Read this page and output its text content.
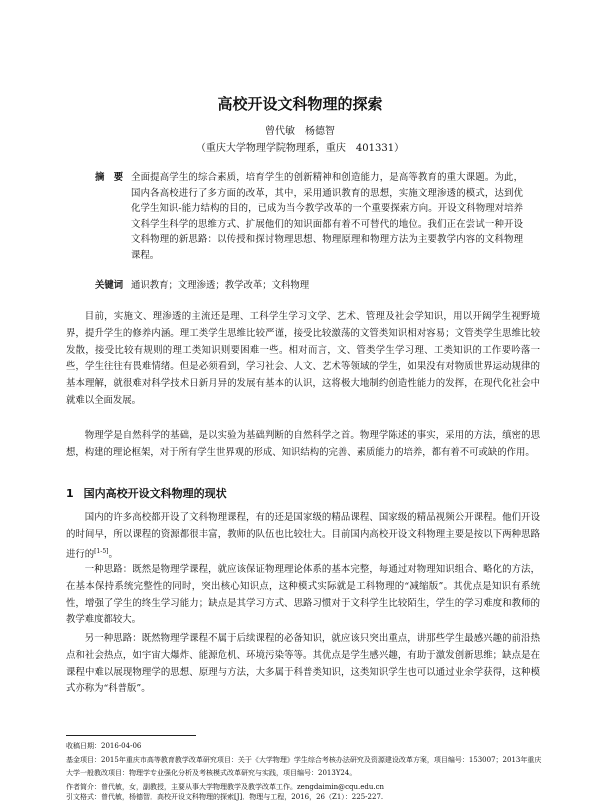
高校开设文科物理的探索
曾代敏　杨德智
（重庆大学物理学院物理系，重庆　401331）
摘　要 全面提高学生的综合素质，培育学生的创新精神和创造能力，是高等教育的重大课题。为此，国内各高校进行了多方面的改革，其中，采用通识教育的思想，实施文理渗透的模式，达到优化学生知识-能力结构的目的，已成为当今教学改革的一个重要探索方向。开设文科物理对培养文科学生科学的思维方式、扩展他们的知识面都有着不可替代的地位。我们正在尝试一种开设文科物理的新思路：以传授和探讨物理思想、物理原理和物理方法为主要教学内容的文科物理课程。
关键词 通识教育；文理渗透；教学改革；文科物理
目前，实施文、理渗透的主流还是理、工科学生学习文学、艺术、管理及社会学知识，用以开阔学生视野境界，提升学生的修养内涵。理工类学生思维比较严谨，接受比较激荡的文管类知识相对容易；文管类学生思维比较发散，接受比较有规则的理工类知识则要困难一些。相对而言，文、管类学生学习理、工类知识的工作要吟落一些，学生往往有畏难情绪。但是必须看到，学习社会、人文、艺术等领域的学生，如果没有对物质世界运动规律的基本理解，就很难对科学技术日新月异的发展有基本的认识，这将极大地制约创造性能力的发挥，在现代化社会中就难以全面发展。
物理学是自然科学的基础，是以实验为基础判断的自然科学之首。物理学陈述的事实，采用的方法，缜密的思想，构建的理论框架，对于所有学生世界观的形成、知识结构的完善、素质能力的培养，都有着不可或缺的作用。
1 国内高校开设文科物理的现状
国内的许多高校都开设了文科物理课程，有的还是国家级的精品课程、国家级的精品视频公开课程。他们开设的时间早，所以课程的资源都很丰富，教师的队伍也比较壮大。目前国内高校开设文科物理主要是按以下两种思路进行的[1-5]。
一种思路：既然是物理学课程，就应该保证物理理论体系的基本完整，每通过对物理知识组合、略化的方法，在基本保持系统完整性的同时，突出核心知识点，这种模式实际就是工科物理的“减缩版”。其优点是知识有系统性，增强了学生的终生学习能力；缺点是其学习方式、思路习惯对于文科学生比较陌生，学生的学习难度和教师的教学难度都较大。
另一种思路：既然物理学课程不属于后续课程的必备知识，就应该只突出重点，讲那些学生最感兴趣的前沿热点和社会热点，如宇宙大爆炸、能源危机、环境污染等等。其优点是学生感兴趣，有助于激发创新思维；缺点是在课程中难以展现物理学的思想、原理与方法，大多属于科普类知识，这类知识学生也可以通过业余学获得，这种模式亦称为“科普版”。
收稿日期：2016-04-06
基金项目：2015年重庆市高等教育教学改革研究项目：关于《大学物理》学生综合考核办法研究及资源建设改革方案，项目编号：153007；2013年重庆大学一般教改项目：物理学专业强化分析及考核模式改革研究与实践，项目编号：2013Y24。
作者简介：曾代敏，女，副教授，主要从事大学物理教学及教学改革工作。zengdaimin@cqu.edu.cn
引文格式：曾代敏，杨德智．高校开设文科物理的探索[J]．物理与工程，2016，26（Z1）：225-227.
